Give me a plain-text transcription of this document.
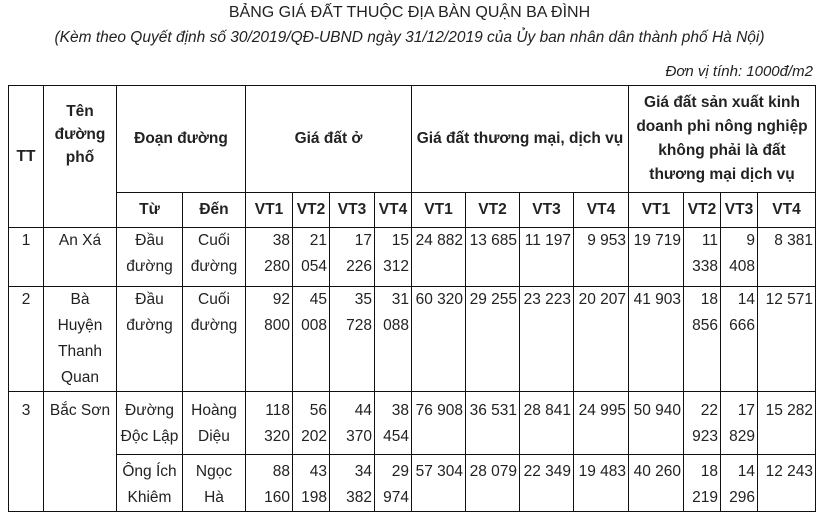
BẢNG GIÁ ĐẤT THUỘC ĐỊA BÀN QUẬN BA ĐÌNH
(Kèm theo Quyết định số 30/2019/QĐ-UBND ngày 31/12/2019 của Ủy ban nhân dân thành phố Hà Nội)
Đơn vị tính: 1000đ/m2
TT	Tên đường phố	Đoạn đường		Giá đất ở				Giá đất thương mại, dịch vụ				Giá đất sản xuất kinh doanh phi nông nghiệp không phải là đất thương mại dịch vụ			
		Từ	Đến	VT1	VT2	VT3	VT4	VT1	VT2	VT3	VT4	VT1	VT2	VT3	VT4
1	An Xá	Đầu đường	Cuối đường	38 280	21 054	17 226	15 312	24 882	13 685	11 197	9 953	19 719	11 338	9 408	8 381
2	Bà Huyện Thanh Quan	Đầu đường	Cuối đường	92 800	45 008	35 728	31 088	60 320	29 255	23 223	20 207	41 903	18 856	14 666	12 571
3	Bắc Sơn	Đường Độc Lập	Hoàng Diệu	118 320	56 202	44 370	38 454	76 908	36 531	28 841	24 995	50 940	22 923	17 829	15 282
		Ông Ích Khiêm	Ngọc Hà	88 160	43 198	34 382	29 974	57 304	28 079	22 349	19 483	40 260	18 219	14 296	12 243
